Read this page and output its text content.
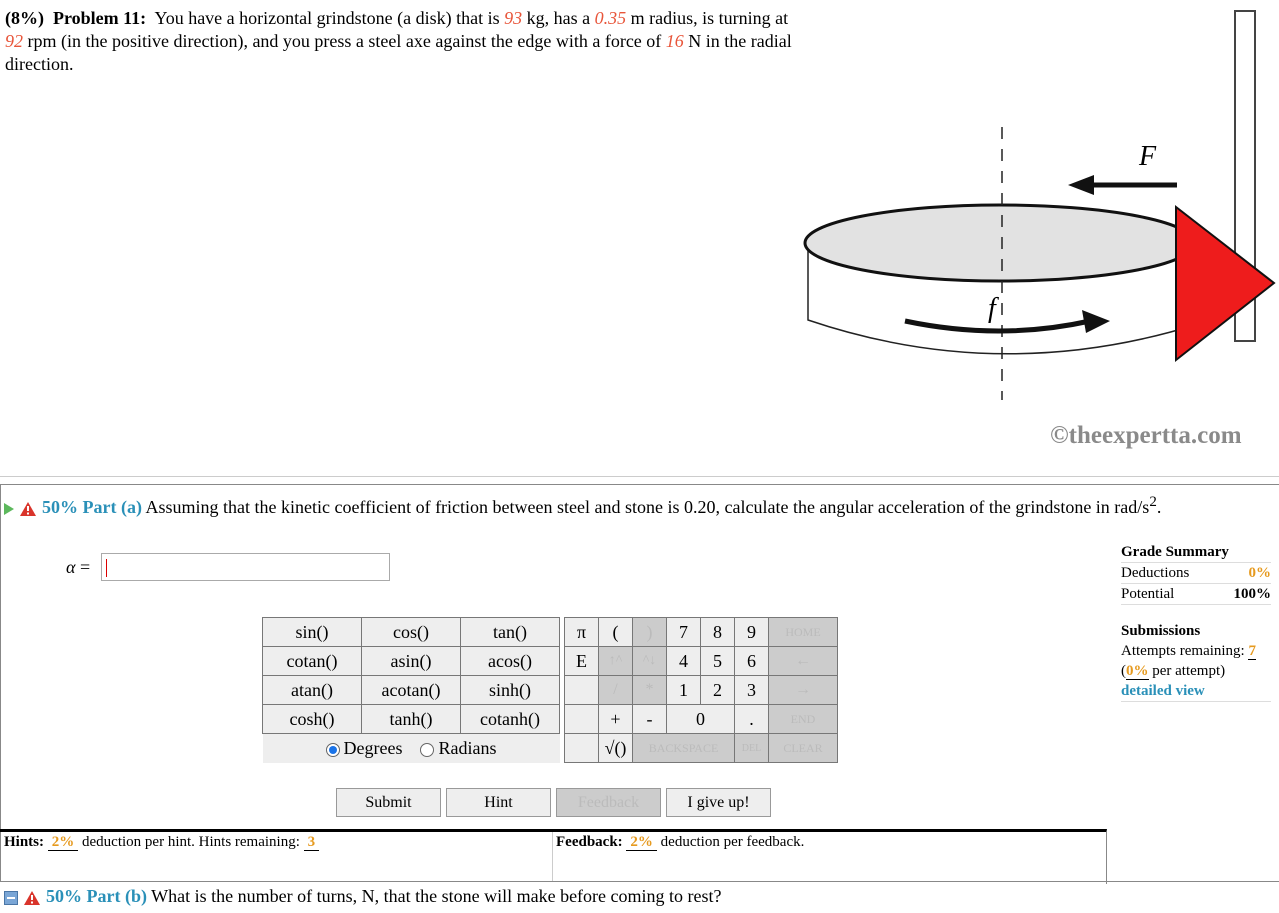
(8%) Problem 11: You have a horizontal grindstone (a disk) that is 93 kg, has a 0.35 m radius, is turning at 92 rpm (in the positive direction), and you press a steel axe against the edge with a force of 16 N in the radial direction.
F
f
©theexpertta.com
50% Part (a) Assuming that the kinetic coefficient of friction between steel and stone is 0.20, calculate the angular acceleration of the grindstone in rad/$s^2$.
α =
sin()	cos()	tan()		π	(	)	7	8	9	HOME
cotan()	asin()	acos()		E	↑^	^↓	4	5	6	←
atan()	acotan()	sinh()			/	*	1	2	3	→
cosh()	tanh()	cotanh()			+	-	0		.	END
Degrees Radians					√()	BACKSPACE			DEL	CLEAR
Submit	Hint	Feedback	I give up!
Grade Summary
Deductions	0%
Potential	100%
Submissions
Attempts remaining: 7
(0% per attempt)
detailed view
Hints: 2% deduction per hint. Hints remaining: 3	Feedback: 2% deduction per feedback.
50% Part (b) What is the number of turns, N, that the stone will make before coming to rest?
